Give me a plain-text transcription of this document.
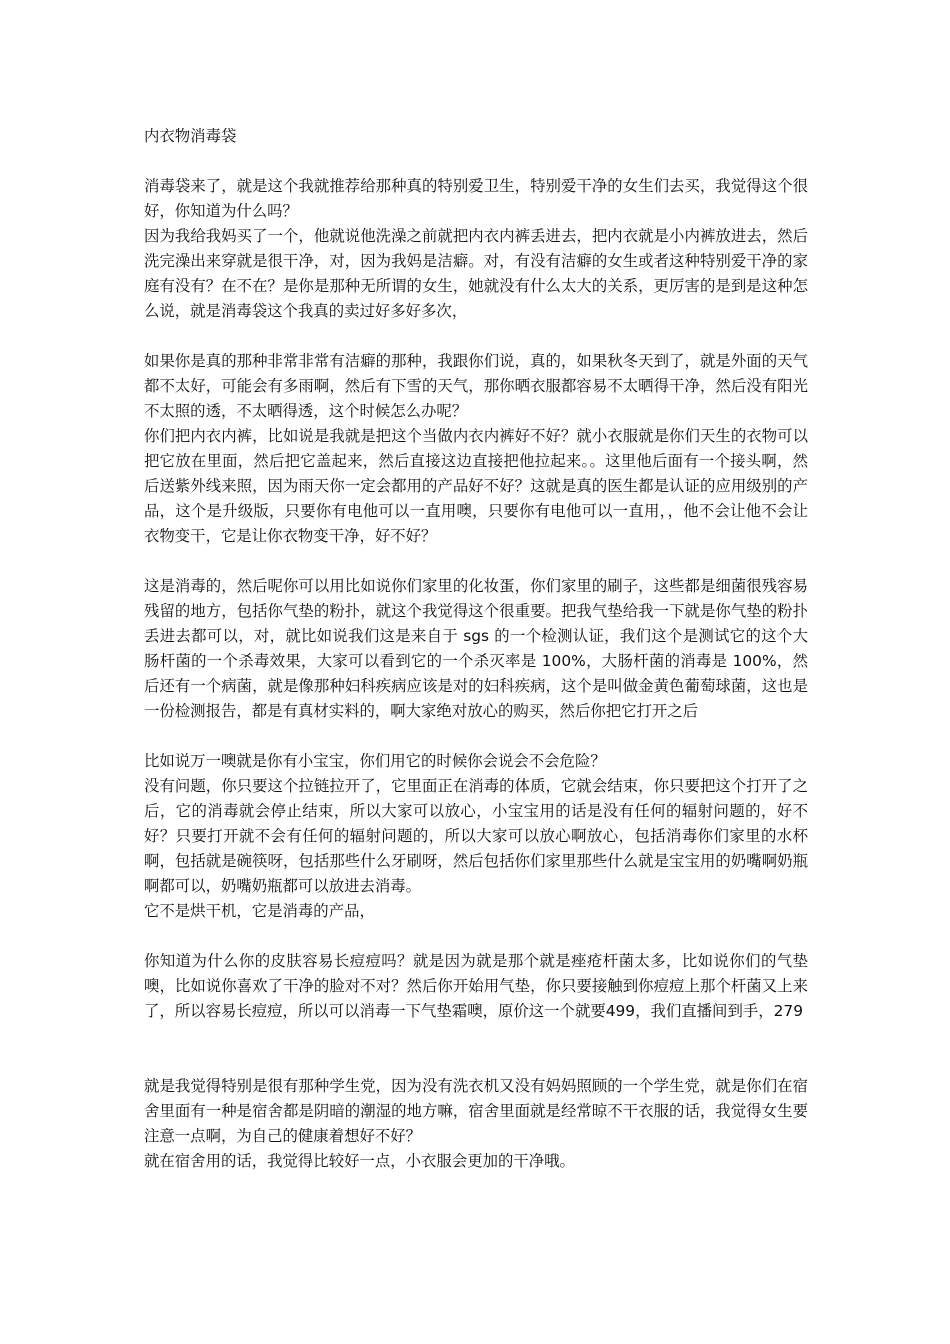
内衣物消毒袋

消毒袋来了，就是这个我就推荐给那种真的特别爱卫生，特别爱干净的女生们去买，我觉得这个很好，你知道为什么吗？

因为我给我妈买了一个，他就说他洗澡之前就把内衣内裤丢进去，把内衣就是小内裤放进去，然后洗完澡出来穿就是很干净，对，因为我妈是洁癖。对，有没有洁癖的女生或者这种特别爱干净的家庭有没有？在不在？是你是那种无所谓的女生，她就没有什么太大的关系，更厉害的是到是这种怎么说，就是消毒袋这个我真的卖过好多好多次，

如果你是真的那种非常非常有洁癖的那种，我跟你们说，真的，如果秋冬天到了，就是外面的天气都不太好，可能会有多雨啊，然后有下雪的天气，那你晒衣服都容易不太晒得干净，然后没有阳光不太照的透，不太晒得透，这个时候怎么办呢？

你们把内衣内裤，比如说是我就是把这个当做内衣内裤好不好？就小衣服就是你们天生的衣物可以把它放在里面，然后把它盖起来，然后直接这边直接把他拉起来。。这里他后面有一个接头啊，然后送紫外线来照，因为雨天你一定会都用的产品好不好？这就是真的医生都是认证的应用级别的产品，这个是升级版，只要你有电他可以一直用噢，只要你有电他可以一直用，，他不会让他不会让衣物变干，它是让你衣物变干净，好不好？

这是消毒的，然后呢你可以用比如说你们家里的化妆蛋，你们家里的刷子，这些都是细菌很残容易残留的地方，包括你气垫的粉扑，就这个我觉得这个很重要。把我气垫给我一下就是你气垫的粉扑丢进去都可以，对，就比如说我们这是来自于 sgs 的一个检测认证，我们这个是测试它的这个大肠杆菌的一个杀毒效果，大家可以看到它的一个杀灭率是 100%，大肠杆菌的消毒是 100%，然后还有一个病菌，就是像那种妇科疾病应该是对的妇科疾病，这个是叫做金黄色葡萄球菌，这也是一份检测报告，都是有真材实料的，啊大家绝对放心的购买，然后你把它打开之后

比如说万一噢就是你有小宝宝，你们用它的时候你会说会不会危险？

没有问题，你只要这个拉链拉开了，它里面正在消毒的体质，它就会结束，你只要把这个打开了之后，它的消毒就会停止结束，所以大家可以放心，小宝宝用的话是没有任何的辐射问题的，好不好？只要打开就不会有任何的辐射问题的，所以大家可以放心啊放心，包括消毒你们家里的水杯啊，包括就是碗筷呀，包括那些什么牙刷呀，然后包括你们家里那些什么就是宝宝用的奶嘴啊奶瓶啊都可以，奶嘴奶瓶都可以放进去消毒。

它不是烘干机，它是消毒的产品，

你知道为什么你的皮肤容易长痘痘吗？就是因为就是那个就是痤疮杆菌太多，比如说你们的气垫噢，比如说你喜欢了干净的脸对不对？然后你开始用气垫，你只要接触到你痘痘上那个杆菌又上来了，所以容易长痘痘，所以可以消毒一下气垫霜噢，原价这一个就要499，我们直播间到手，279

就是我觉得特别是很有那种学生党，因为没有洗衣机又没有妈妈照顾的一个学生党，就是你们在宿舍里面有一种是宿舍都是阴暗的潮湿的地方嘛，宿舍里面就是经常晾不干衣服的话，我觉得女生要注意一点啊，为自己的健康着想好不好？

就在宿舍用的话，我觉得比较好一点，小衣服会更加的干净哦。
